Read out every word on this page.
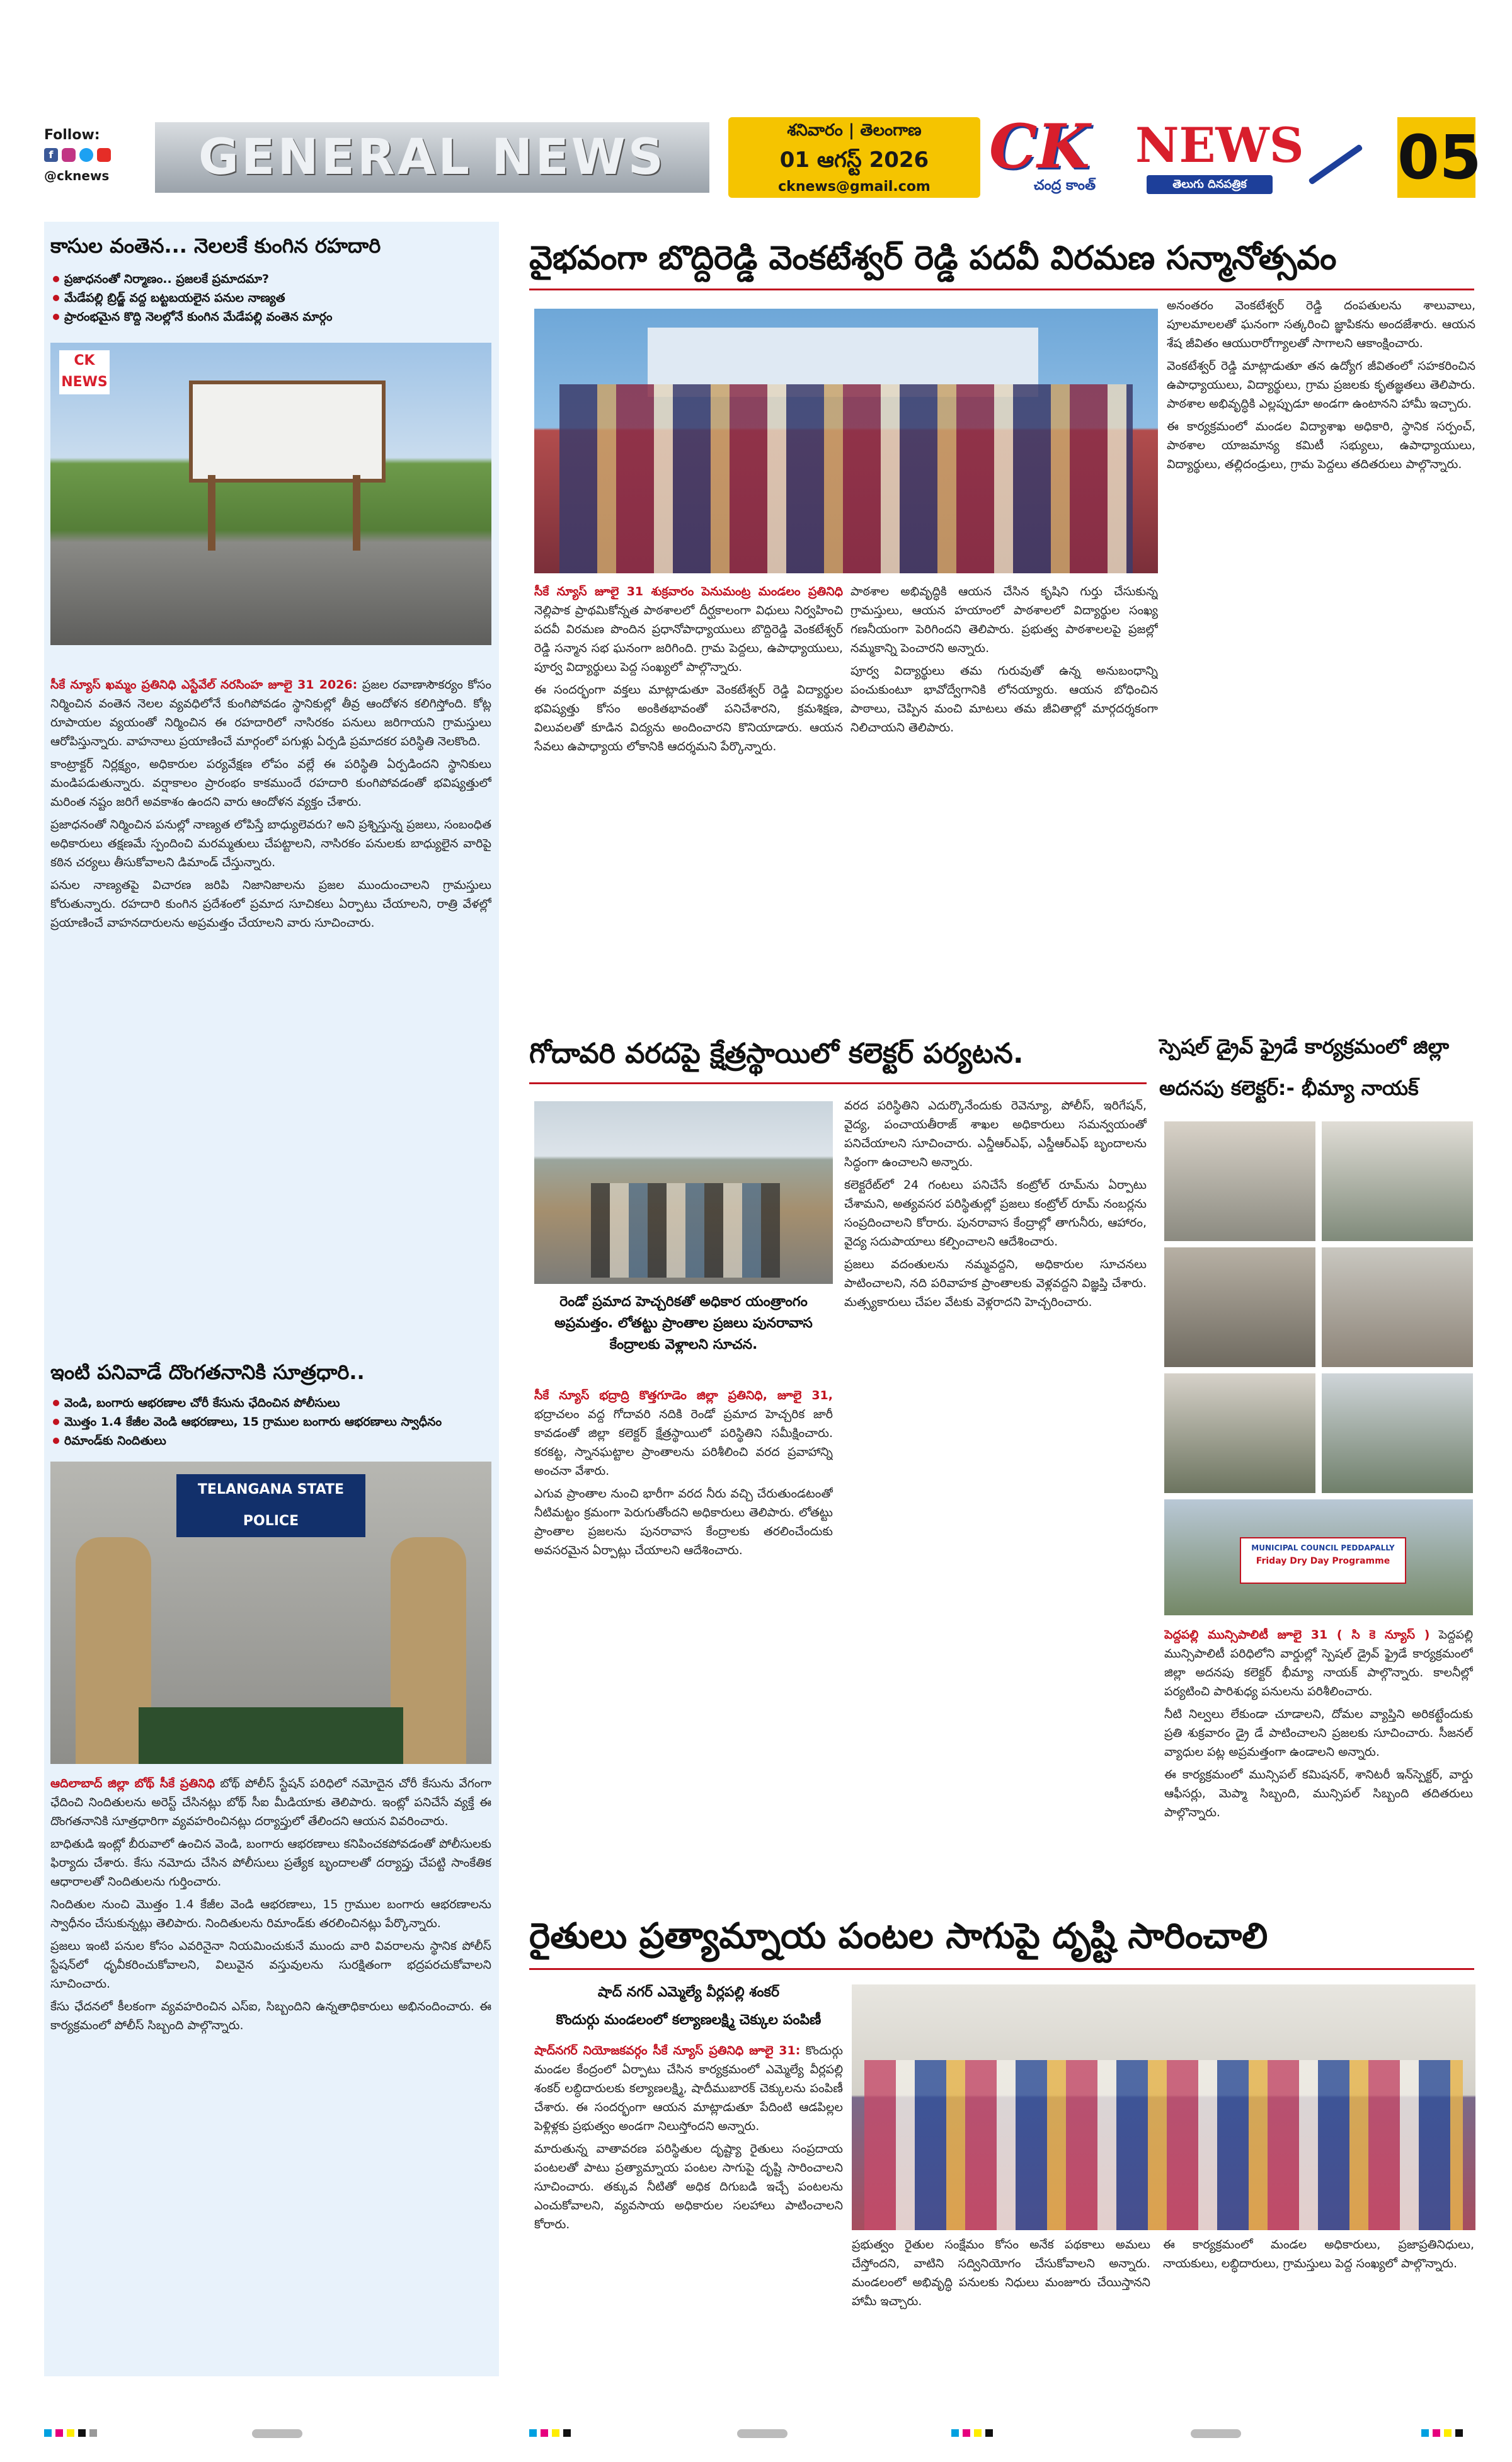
Follow:
f
@cknews	GENERAL NEWS	శనివారం | తెలంగాణ
01 ఆగస్ట్ 2026
cknews@gmail.com
CK NEWS
చంద్ర కాంత్	తెలుగు దినపత్రిక	05
కాసుల వంతెన... నెలలకే కుంగిన రహదారి
ప్రజాధనంతో నిర్మాణం.. ప్రజలకే ప్రమాదమా?
మేడేపల్లి బ్రిడ్జ్ వద్ద బట్టబయలైన పనుల నాణ్యత
ప్రారంభమైన కొద్ది నెలల్లోనే కుంగిన మేడేపల్లి వంతెన మార్గం
CK NEWS

సీకే న్యూస్ ఖమ్మం ప్రతినిధి ఎస్టేవేల్ నరసింహ జూలై 31 2026: ప్రజల రవాణాసౌకర్యం కోసం నిర్మించిన వంతెన నెలల వ్యవధిలోనే కుంగిపోవడం స్థానికుల్లో తీవ్ర ఆందోళన కలిగిస్తోంది. కోట్ల రూపాయల వ్యయంతో నిర్మించిన ఈ రహదారిలో నాసిరకం పనులు జరిగాయని గ్రామస్తులు ఆరోపిస్తున్నారు. వాహనాలు ప్రయాణించే మార్గంలో పగుళ్లు ఏర్పడి ప్రమాదకర పరిస్థితి నెలకొంది.

కాంట్రాక్టర్ నిర్లక్ష్యం, అధికారుల పర్యవేక్షణ లోపం వల్లే ఈ పరిస్థితి ఏర్పడిందని స్థానికులు మండిపడుతున్నారు. వర్షాకాలం ప్రారంభం కాకముందే రహదారి కుంగిపోవడంతో భవిష్యత్తులో మరింత నష్టం జరిగే అవకాశం ఉందని వారు ఆందోళన వ్యక్తం చేశారు.

ప్రజాధనంతో నిర్మించిన పనుల్లో నాణ్యత లోపిస్తే బాధ్యులెవరు? అని ప్రశ్నిస్తున్న ప్రజలు, సంబంధిత అధికారులు తక్షణమే స్పందించి మరమ్మతులు చేపట్టాలని, నాసిరకం పనులకు బాధ్యులైన వారిపై కఠిన చర్యలు తీసుకోవాలని డిమాండ్ చేస్తున్నారు.

పనుల నాణ్యతపై విచారణ జరిపి నిజానిజాలను ప్రజల ముందుంచాలని గ్రామస్తులు కోరుతున్నారు. రహదారి కుంగిన ప్రదేశంలో ప్రమాద సూచికలు ఏర్పాటు చేయాలని, రాత్రి వేళల్లో ప్రయాణించే వాహనదారులను అప్రమత్తం చేయాలని వారు సూచించారు.

ఇంటి పనివాడే దొంగతనానికి సూత్రధారి..
వెండి, బంగారు ఆభరణాల చోరీ కేసును ఛేదించిన పోలీసులు
మొత్తం 1.4 కేజీల వెండి ఆభరణాలు, 15 గ్రాముల బంగారు ఆభరణాలు స్వాధీనం
రిమాండ్‌కు నిందితులు
TELANGANA STATE POLICE

ఆదిలాబాద్ జిల్లా బోథ్ సీకే ప్రతినిధి బోథ్ పోలీస్ స్టేషన్ పరిధిలో నమోదైన చోరీ కేసును వేగంగా ఛేదించి నిందితులను అరెస్ట్ చేసినట్లు బోథ్ సీఐ మీడియాకు తెలిపారు. ఇంట్లో పనిచేసే వ్యక్తే ఈ దొంగతనానికి సూత్రధారిగా వ్యవహరించినట్లు దర్యాప్తులో తేలిందని ఆయన వివరించారు.

బాధితుడి ఇంట్లో బీరువాలో ఉంచిన వెండి, బంగారు ఆభరణాలు కనిపించకపోవడంతో పోలీసులకు ఫిర్యాదు చేశారు. కేసు నమోదు చేసిన పోలీసులు ప్రత్యేక బృందాలతో దర్యాప్తు చేపట్టి సాంకేతిక ఆధారాలతో నిందితులను గుర్తించారు.

నిందితుల నుంచి మొత్తం 1.4 కేజీల వెండి ఆభరణాలు, 15 గ్రాముల బంగారు ఆభరణాలను స్వాధీనం చేసుకున్నట్లు తెలిపారు. నిందితులను రిమాండ్‌కు తరలించినట్లు పేర్కొన్నారు.

ప్రజలు ఇంటి పనుల కోసం ఎవరినైనా నియమించుకునే ముందు వారి వివరాలను స్థానిక పోలీస్ స్టేషన్‌లో ధృవీకరించుకోవాలని, విలువైన వస్తువులను సురక్షితంగా భద్రపరచుకోవాలని సూచించారు.

కేసు ఛేదనలో కీలకంగా వ్యవహరించిన ఎస్ఐ, సిబ్బందిని ఉన్నతాధికారులు అభినందించారు. ఈ కార్యక్రమంలో పోలీస్ సిబ్బంది పాల్గొన్నారు.

వైభవంగా బొద్దిరెడ్డి వెంకటేశ్వర్ రెడ్డి పదవీ విరమణ సన్మానోత్సవం

సీకే న్యూస్ జూలై 31 శుక్రవారం పెనుమంట్ర మండలం ప్రతినిధి నెల్లిపాక ప్రాథమికోన్నత పాఠశాలలో దీర్ఘకాలంగా విధులు నిర్వహించి పదవీ విరమణ పొందిన ప్రధానోపాధ్యాయులు బొద్దిరెడ్డి వెంకటేశ్వర్ రెడ్డి సన్మాన సభ ఘనంగా జరిగింది. గ్రామ పెద్దలు, ఉపాధ్యాయులు, పూర్వ విద్యార్థులు పెద్ద సంఖ్యలో పాల్గొన్నారు.

ఈ సందర్భంగా వక్తలు మాట్లాడుతూ వెంకటేశ్వర్ రెడ్డి విద్యార్థుల భవిష్యత్తు కోసం అంకితభావంతో పనిచేశారని, క్రమశిక్షణ, విలువలతో కూడిన విద్యను అందించారని కొనియాడారు. ఆయన సేవలు ఉపాధ్యాయ లోకానికి ఆదర్శమని పేర్కొన్నారు.

పాఠశాల అభివృద్ధికి ఆయన చేసిన కృషిని గుర్తు చేసుకున్న గ్రామస్తులు, ఆయన హయాంలో పాఠశాలలో విద్యార్థుల సంఖ్య గణనీయంగా పెరిగిందని తెలిపారు. ప్రభుత్వ పాఠశాలలపై ప్రజల్లో నమ్మకాన్ని పెంచారని అన్నారు.

పూర్వ విద్యార్థులు తమ గురువుతో ఉన్న అనుబంధాన్ని పంచుకుంటూ భావోద్వేగానికి లోనయ్యారు. ఆయన బోధించిన పాఠాలు, చెప్పిన మంచి మాటలు తమ జీవితాల్లో మార్గదర్శకంగా నిలిచాయని తెలిపారు.

అనంతరం వెంకటేశ్వర్ రెడ్డి దంపతులను శాలువాలు, పూలమాలలతో ఘనంగా సత్కరించి జ్ఞాపికను అందజేశారు. ఆయన శేష జీవితం ఆయురారోగ్యాలతో సాగాలని ఆకాంక్షించారు.

వెంకటేశ్వర్ రెడ్డి మాట్లాడుతూ తన ఉద్యోగ జీవితంలో సహకరించిన ఉపాధ్యాయులు, విద్యార్థులు, గ్రామ ప్రజలకు కృతజ్ఞతలు తెలిపారు. పాఠశాల అభివృద్ధికి ఎల్లప్పుడూ అండగా ఉంటానని హామీ ఇచ్చారు.

ఈ కార్యక్రమంలో మండల విద్యాశాఖ అధికారి, స్థానిక సర్పంచ్, పాఠశాల యాజమాన్య కమిటీ సభ్యులు, ఉపాధ్యాయులు, విద్యార్థులు, తల్లిదండ్రులు, గ్రామ పెద్దలు తదితరులు పాల్గొన్నారు.

గోదావరి వరదపై క్షేత్రస్థాయిలో కలెక్టర్ పర్యటన.
రెండో ప్రమాద హెచ్చరికతో అధికార యంత్రాంగం అప్రమత్తం. లోతట్టు ప్రాంతాల ప్రజలు పునరావాస కేంద్రాలకు వెళ్లాలని సూచన.

సీకే న్యూస్ భద్రాద్రి కొత్తగూడెం జిల్లా ప్రతినిధి, జూలై 31, భద్రాచలం వద్ద గోదావరి నదికి రెండో ప్రమాద హెచ్చరిక జారీ కావడంతో జిల్లా కలెక్టర్ క్షేత్రస్థాయిలో పరిస్థితిని సమీక్షించారు. కరకట్ట, స్నానఘట్టాల ప్రాంతాలను పరిశీలించి వరద ప్రవాహాన్ని అంచనా వేశారు.

ఎగువ ప్రాంతాల నుంచి భారీగా వరద నీరు వచ్చి చేరుతుండటంతో నీటిమట్టం క్రమంగా పెరుగుతోందని అధికారులు తెలిపారు. లోతట్టు ప్రాంతాల ప్రజలను పునరావాస కేంద్రాలకు తరలించేందుకు అవసరమైన ఏర్పాట్లు చేయాలని ఆదేశించారు.

వరద పరిస్థితిని ఎదుర్కొనేందుకు రెవెన్యూ, పోలీస్, ఇరిగేషన్, వైద్య, పంచాయతీరాజ్ శాఖల అధికారులు సమన్వయంతో పనిచేయాలని సూచించారు. ఎన్డీఆర్ఎఫ్, ఎస్డీఆర్ఎఫ్ బృందాలను సిద్ధంగా ఉంచాలని అన్నారు.

కలెక్టరేట్‌లో 24 గంటలు పనిచేసే కంట్రోల్ రూమ్‌ను ఏర్పాటు చేశామని, అత్యవసర పరిస్థితుల్లో ప్రజలు కంట్రోల్ రూమ్ నంబర్లను సంప్రదించాలని కోరారు. పునరావాస కేంద్రాల్లో తాగునీరు, ఆహారం, వైద్య సదుపాయాలు కల్పించాలని ఆదేశించారు.

ప్రజలు వదంతులను నమ్మవద్దని, అధికారుల సూచనలు పాటించాలని, నది పరివాహక ప్రాంతాలకు వెళ్లవద్దని విజ్ఞప్తి చేశారు. మత్స్యకారులు చేపల వేటకు వెళ్లరాదని హెచ్చరించారు.

స్పెషల్ డ్రైవ్ ఫ్రైడే కార్యక్రమంలో జిల్లా అదనపు కలెక్టర్:- భీమ్యా నాయక్
MUNICIPAL COUNCIL PEDDAPALLY
Friday Dry Day Programme

పెద్దపల్లి మున్సిపాలిటీ జూలై 31 ( సి కె న్యూస్ ) పెద్దపల్లి మున్సిపాలిటీ పరిధిలోని వార్డుల్లో స్పెషల్ డ్రైవ్ ఫ్రైడే కార్యక్రమంలో జిల్లా అదనపు కలెక్టర్ భీమ్యా నాయక్ పాల్గొన్నారు. కాలనీల్లో పర్యటించి పారిశుధ్య పనులను పరిశీలించారు.

నీటి నిల్వలు లేకుండా చూడాలని, దోమల వ్యాప్తిని అరికట్టేందుకు ప్రతి శుక్రవారం డ్రై డే పాటించాలని ప్రజలకు సూచించారు. సీజనల్ వ్యాధుల పట్ల అప్రమత్తంగా ఉండాలని అన్నారు.

ఈ కార్యక్రమంలో మున్సిపల్ కమిషనర్, శానిటరీ ఇన్‌స్పెక్టర్, వార్డు ఆఫీసర్లు, మెప్మా సిబ్బంది, మున్సిపల్ సిబ్బంది తదితరులు పాల్గొన్నారు.

రైతులు ప్రత్యామ్నాయ పంటల సాగుపై దృష్టి సారించాలి
షాద్ నగర్ ఎమ్మెల్యే వీర్లపల్లి శంకర్
కొందుర్గు మండలంలో కల్యాణలక్ష్మి చెక్కుల పంపిణీ

షాద్‌నగర్ నియోజకవర్గం సీకే న్యూస్ ప్రతినిధి జూలై 31: కొందుర్గు మండల కేంద్రంలో ఏర్పాటు చేసిన కార్యక్రమంలో ఎమ్మెల్యే వీర్లపల్లి శంకర్ లబ్ధిదారులకు కల్యాణలక్ష్మి, షాదీముబారక్ చెక్కులను పంపిణీ చేశారు. ఈ సందర్భంగా ఆయన మాట్లాడుతూ పేదింటి ఆడపిల్లల పెళ్లిళ్లకు ప్రభుత్వం అండగా నిలుస్తోందని అన్నారు.

మారుతున్న వాతావరణ పరిస్థితుల దృష్ట్యా రైతులు సంప్రదాయ పంటలతో పాటు ప్రత్యామ్నాయ పంటల సాగుపై దృష్టి సారించాలని సూచించారు. తక్కువ నీటితో అధిక దిగుబడి ఇచ్చే పంటలను ఎంచుకోవాలని, వ్యవసాయ అధికారుల సలహాలు పాటించాలని కోరారు.

ప్రభుత్వం రైతుల సంక్షేమం కోసం అనేక పథకాలు అమలు చేస్తోందని, వాటిని సద్వినియోగం చేసుకోవాలని అన్నారు. మండలంలో అభివృద్ధి పనులకు నిధులు మంజూరు చేయిస్తానని హామీ ఇచ్చారు.

ఈ కార్యక్రమంలో మండల అధికారులు, ప్రజాప్రతినిధులు, నాయకులు, లబ్ధిదారులు, గ్రామస్తులు పెద్ద సంఖ్యలో పాల్గొన్నారు.
